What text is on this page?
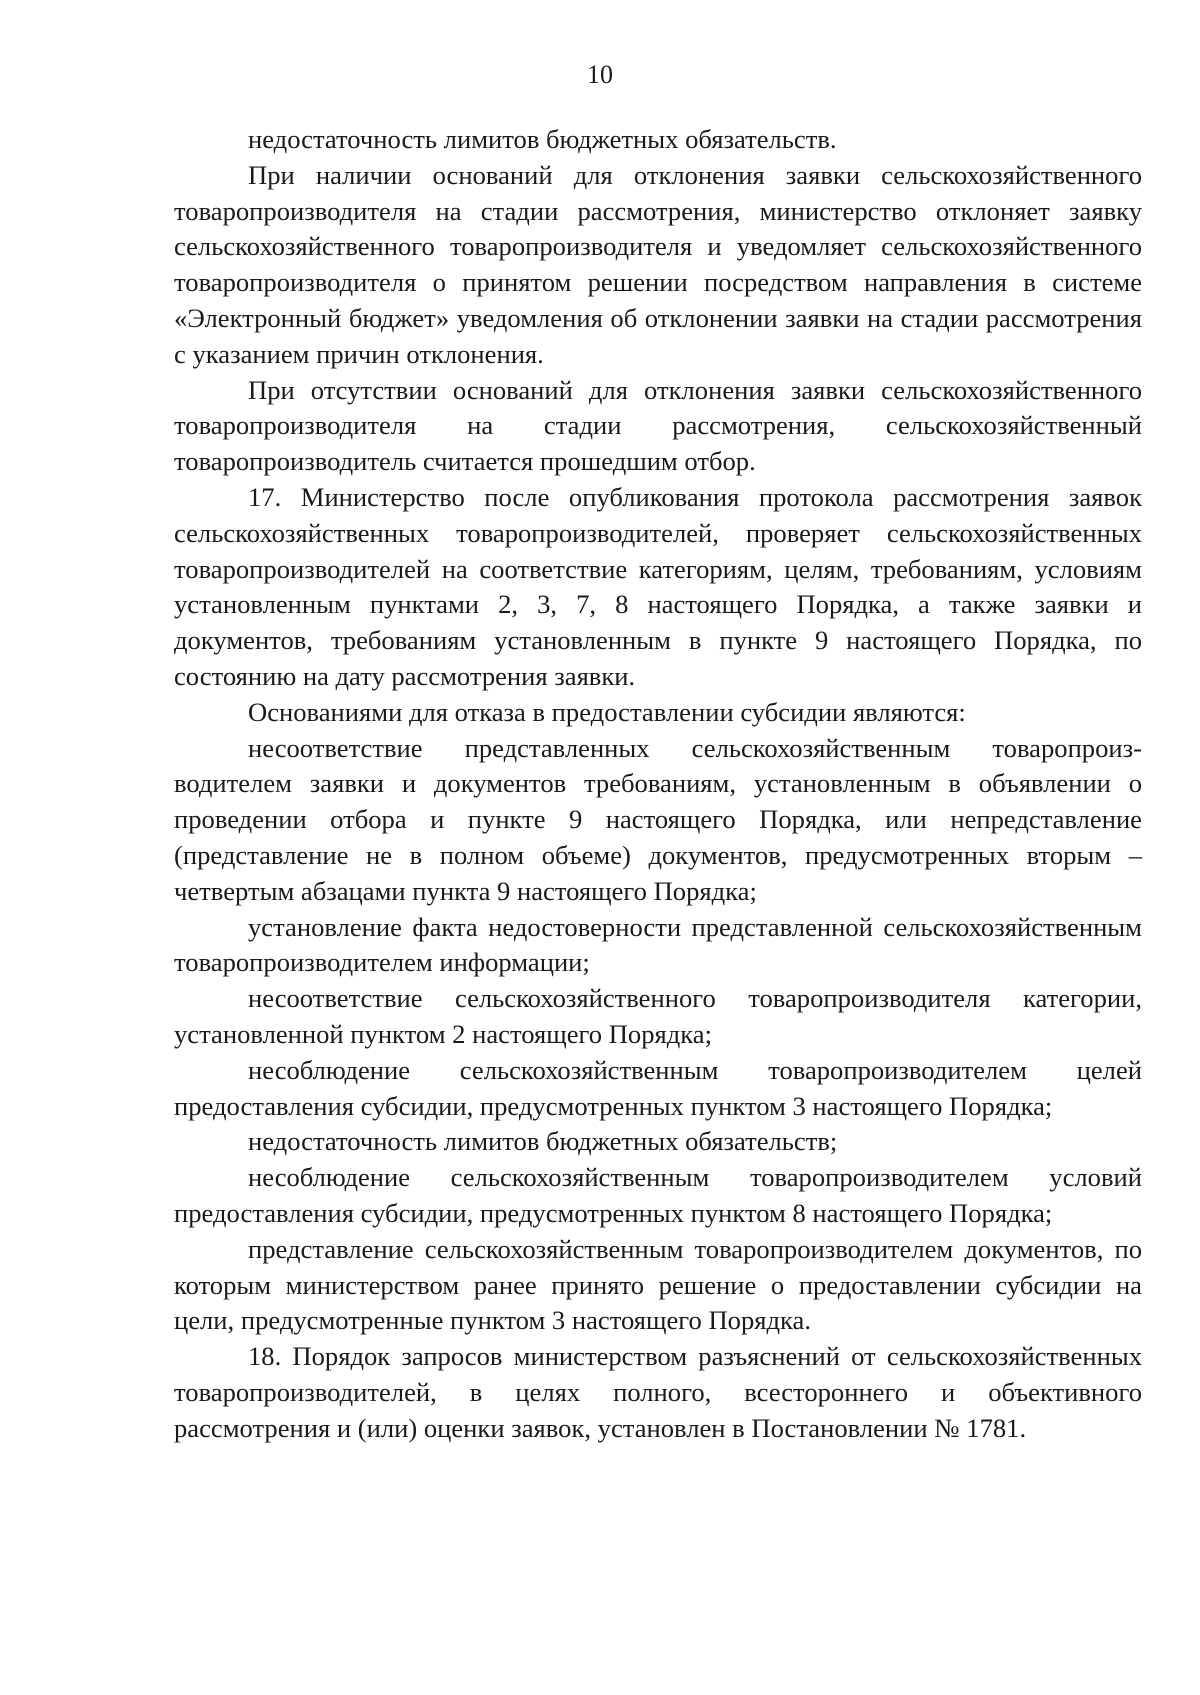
10

недостаточность лимитов бюджетных обязательств.

При наличии оснований для отклонения заявки сельскохозяйственного товаропроизводителя на стадии рассмотрения, министерство отклоняет заявку сельскохозяйственного товаропроизводителя и уведомляет сельскохозяйственного товаропроизводителя о принятом решении посредством направления в системе «Электронный бюджет» уведомления об отклонении заявки на стадии рассмотрения с указанием причин отклонения.

При отсутствии оснований для отклонения заявки сельскохозяйственного товаропроизводителя на стадии рассмотрения, сельскохозяйственный товаропроизводитель считается прошедшим отбор.

17. Министерство после опубликования протокола рассмотрения заявок сельскохозяйственных товаропроизводителей, проверяет сельскохозяйственных товаропроизводителей на соответствие категориям, целям, требованиям, условиям установленным пунктами 2, 3, 7, 8 настоящего Порядка, а также заявки и документов, требованиям установленным в пункте 9 настоящего Порядка, по состоянию на дату рассмотрения заявки.

Основаниями для отказа в предоставлении субсидии являются:

несоответствие представленных сельскохозяйственным товаропроизводителем заявки и документов требованиям, установленным в объявлении о проведении отбора и пункте 9 настоящего Порядка, или непредставление (представление не в полном объеме) документов, предусмотренных вторым – четвертым абзацами пункта 9 настоящего Порядка;

установление факта недостоверности представленной сельскохозяйственным товаропроизводителем информации;

несоответствие сельскохозяйственного товаропроизводителя категории, установленной пунктом 2 настоящего Порядка;

несоблюдение сельскохозяйственным товаропроизводителем целей предоставления субсидии, предусмотренных пунктом 3 настоящего Порядка;

недостаточность лимитов бюджетных обязательств;

несоблюдение сельскохозяйственным товаропроизводителем условий предоставления субсидии, предусмотренных пунктом 8 настоящего Порядка;

представление сельскохозяйственным товаропроизводителем документов, по которым министерством ранее принято решение о предоставлении субсидии на цели, предусмотренные пунктом 3 настоящего Порядка.

18. Порядок запросов министерством разъяснений от сельскохозяйственных товаропроизводителей, в целях полного, всестороннего и объективного рассмотрения и (или) оценки заявок, установлен в Постановлении № 1781.
